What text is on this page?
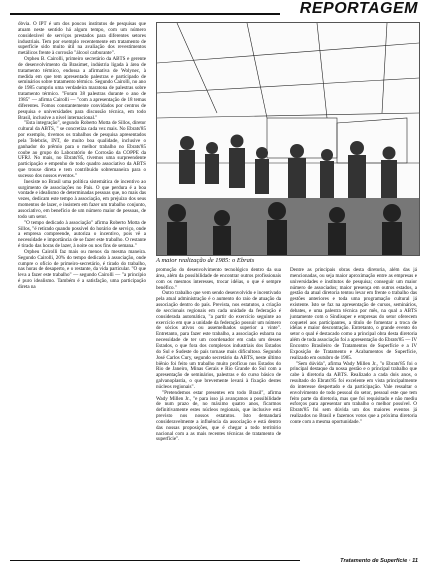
REPORTAGEM

óbvia. O IPT é um dos poucos institutos de pesquisas que atuam neste sentido há algum tempo, com um número considerável de serviços prestados para diferentes setores industriais. Tem por exemplo recentemente em tratamento de superfície sido muito útil na avaliação dos revestimentos metálicos frente à corrosão "álcool carburante".

Orpheu B. Cairolli, primeiro secretário da ABTS e gerente de desenvolvimento da Brasimet, indústria ligada à área de tratamento térmico, endossa a afirmativa de Wolynec, à medida em que tem apresentado palestras e participado de seminários sobre tratamento térmico. Segundo Cairolli, no ano de 1985 cumpriu uma verdadeira maratona de palestras sobre tratamento térmico. "Foram 38 palestras durante o ano de 1985" — afirma Cairolli — "com a apresentação de 18 temas diferentes. Fomos constantemente convidados por centros de pesquisa e universidades para discussão técnica, em todo Brasil, inclusive a nível internacional."

"Esta integração", segundo Roberto Motta de Sillos, diretor cultural da ABTS, " se concretiza cada vez mais. No Ebrats'85 por exemplo, tivemos os trabalhos de pesquisa apresentados pela Telebrás, INT, de muito boa qualidade, inclusive o ganhador do prêmio para o melhor trabalho no Ebrats'85 coube ao grupo do Laboratório de Corrosão da COPPE da UFRJ. No mais, no Ebrats'85, tivemos uma surpreendente participação e empenho de todo quadro associativo da ABTS que trouxe direta e tem contribuído sobremaneira para o sucesso dos nossos eventos."

Inexiste no Brasil uma política sistemática de incentivo ao surgimento de associações no País. O que perdura é a boa vontade e idealismo de determinadas pessoas que, no mais das vezes, dedicam este tempo à associação, em prejuízo dos seus momentos de lazer, e insistem em fazer um trabalho conjunto, associativo, em benefício de um número maior de pessoas, de todo um setor.

"O tempo dedicado à associação" afirma Roberto Motta de Sillos, "é retirado quando possível do horário de serviço, onde a empresa compreende, autoriza o incentivo, pois vê a necessidade e importância de se fazer este trabalho. O restante é tirado das horas de lazer, à noite ou nos fins de semana."

Orpheu Cairolli faz mais ou menos da mesma maneira. Segundo Cairolli, 20% do tempo dedicado à associação, onde cumpre o ofício de primeiro-secretário, é tirado do trabalho, nas horas de desaperto, e o restante, da vida particular. "O que leva a fazer este trabalho" — segundo Cairolli — "a princípio é puro idealismo. Também é a satisfação, uma participação direta na

A maior realização de 1985: o Ebrats

promoção do desenvolvimento tecnológico dentro da sua área, além da possibilidade de encontrar outros profissionais com os mesmos interesses, trocar idéias, o que é sempre benéfico."

Outro trabalho que vem sendo desenvolvido e incentivado pela atual administração é o aumento do raio de atuação da associação dentro do país. Prevista, nos estatutos, a criação de seccionais regionais em cada unidade da federação é considerada automática, "a partir do exercício seguinte ao exercício em que a unidade da federação possuir um número de sócios ativos ou assemelhados superior a vinte". Entretanto, para fazer este trabalho, a associação esbarra na necessidade de ter um coordenador em cada um desses Estados, o que fora dos complexos industriais dos Estados do Sul e Sudeste do país tornase mais difícultoso. Segundo José Carlos Cury, segundo secretário da ABTS, neste último biênio foi feito um trabalho muito profícuo nos Estados do Rio de Janeiro, Minas Gerais e Rio Grande do Sul com a apresentação de seminários, palestras e do curso básico de galvanoplastia, o que brevemente levará à fixação destes núcleos regionais".

"Pretendemos estar presentes em todo Brasil", afirma Wady Millen Jr., "e para isso já avançamos a possibilidade de num prazo de, no máximo quatro anos, ficarmos definitivamente estes núcleos regionais, que inclusive está previsto nos nossos estatutos. Isto demandará consideravelmente a influência da associação e está dentro das nossas proposições, que é chegar a todo território nacional com a as mais recentes técnicas de tratamento de superfície".

Dentre as principais obras desta diretoria, além das já mencionadas, ou seja maior aproximação entre as empresas e universidades e institutos de pesquisa; conseguir um maior número de associados; maior presença em outros estados, a gestão da atual diretoria tentou levar em frente o trabalho das gestões anteriores e toda uma programação cultural já existente. Isto se faz na apresentação de cursos, seminários, debates, e uma palestra técnica por mês, na qual a ABTS juntamente com o Sindisuper e empresas do setor oferecem coquetel aos participantes, a título de fomentar a troca de idéias e maior descontração. Entretanto, o grande evento do setor o qual é destacado como a principal obra desta diretoria além de toda associação foi a apresentação do Ebrats'85 — IV Encontro Brasileiro de Tratamentos de Superfície e a IV Exposição de Tratamento e Acabamentos de Superfície, realizado em outubro de 1985.

"Sem dúvida", afirma Wady Millen Jr., "o Ebrats'85 foi o principal destaque da nossa gestão e o principal trabalho que cabe à diretoria da ABTS. Realizado a cada dois anos, o resultado do Ebrats'85 foi excelente em vista principalmente do interesse despertado e da participação. Vale ressaltar o envolvimento de todo pessoal do setor, pessoal este que tem feito parte da diretoria, mas que foi requisitado e não mediu esforços para apresentar um trabalho o melhor possível. O Ebrats'85 foi sem dúvida um dos maiores eventos já realizados no Brasil e fazemos votos que a próxima diretoria conte com a mesma oportunidade."

Tratamento de Superfície · 11
